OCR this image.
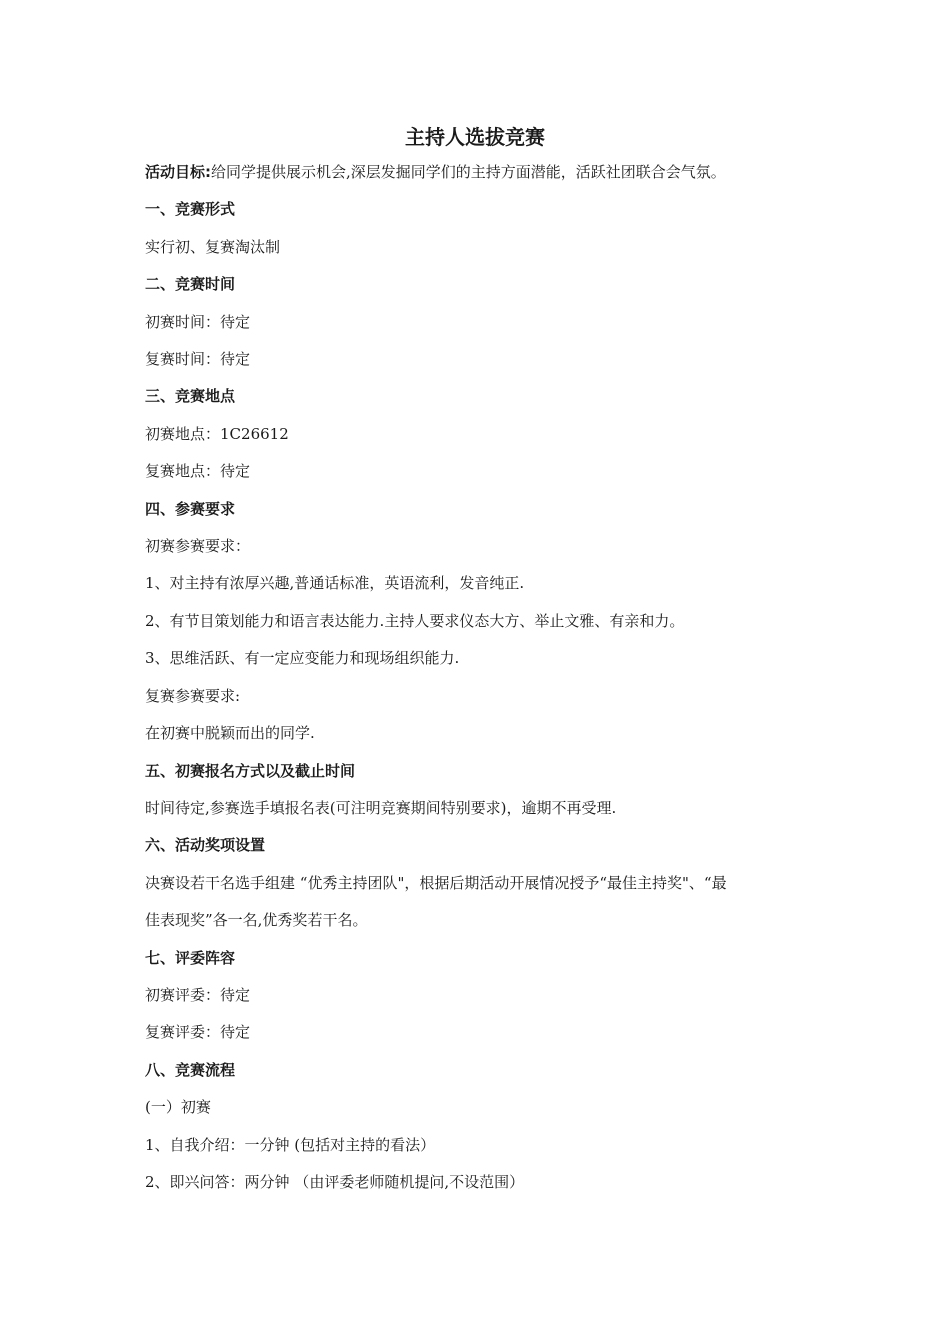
主持人选拔竞赛
活动目标:给同学提供展示机会,深层发掘同学们的主持方面潜能，活跃社团联合会气氛。
一、竞赛形式
实行初、复赛淘汰制
二、竞赛时间
初赛时间：待定
复赛时间：待定
三、竞赛地点
初赛地点：1C26612
复赛地点：待定
四、参赛要求
初赛参赛要求：
1、对主持有浓厚兴趣,普通话标准，英语流利，发音纯正.
2、有节目策划能力和语言表达能力.主持人要求仪态大方、举止文雅、有亲和力。
3、思维活跃、有一定应变能力和现场组织能力.
复赛参赛要求:
在初赛中脱颖而出的同学.
五、初赛报名方式以及截止时间
时间待定,参赛选手填报名表(可注明竞赛期间特别要求)，逾期不再受理.
六、活动奖项设置
决赛设若干名选手组建 “优秀主持团队"，根据后期活动开展情况授予“最佳主持奖"、“最
佳表现奖”各一名,优秀奖若干名。
七、评委阵容
初赛评委：待定
复赛评委：待定
八、竞赛流程
(一）初赛
1、自我介绍：一分钟 (包括对主持的看法）
2、即兴问答：两分钟 （由评委老师随机提问,不设范围）
